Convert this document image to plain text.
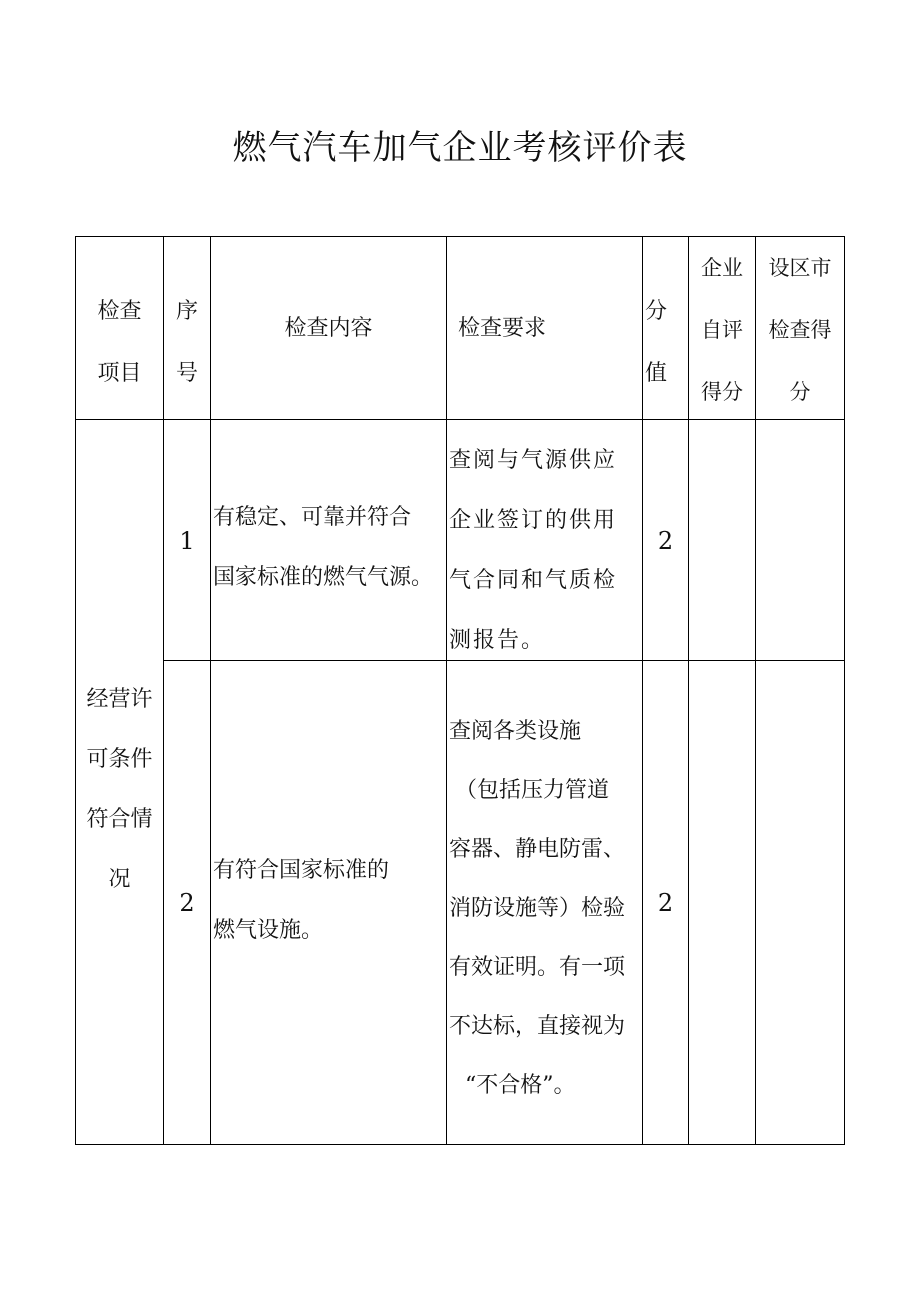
燃气汽车加气企业考核评价表
检查
项目
序
号
检查内容	检查要求
分
值
企业
自评
得分
设区市
检查得
分
经营许
可条件
符合情
况
1
有稳定、可靠并符合
国家标准的燃气气源。
查阅与气源供应
企业签订的供用
气合同和气质检
测报告。
2
2
有符合国家标准的
燃气设施。
查阅各类设施
（包括压力管道
容器、静电防雷、
消防设施等）检验
有效证明。有一项
不达标，直接视为
“不合格”。
2
